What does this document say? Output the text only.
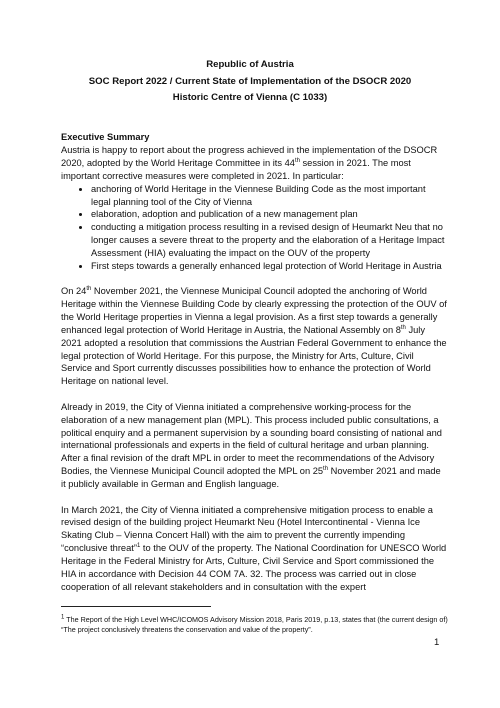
Republic of Austria
SOC Report 2022 / Current State of Implementation of the DSOCR 2020
Historic Centre of Vienna (C 1033)
Executive Summary

Austria is happy to report about the progress achieved in the implementation of the DSOCR 2020, adopted by the World Heritage Committee in its 44th session in 2021. The most important corrective measures were completed in 2021. In particular:

• anchoring of World Heritage in the Viennese Building Code as the most important legal planning tool of the City of Vienna
• elaboration, adoption and publication of a new management plan
• conducting a mitigation process resulting in a revised design of Heumarkt Neu that no longer causes a severe threat to the property and the elaboration of a Heritage Impact Assessment (HIA) evaluating the impact on the OUV of the property
• First steps towards a generally enhanced legal protection of World Heritage in Austria

On 24th November 2021, the Viennese Municipal Council adopted the anchoring of World Heritage within the Viennese Building Code by clearly expressing the protection of the OUV of the World Heritage properties in Vienna a legal provision. As a first step towards a generally enhanced legal protection of World Heritage in Austria, the National Assembly on 8th July 2021 adopted a resolution that commissions the Austrian Federal Government to enhance the legal protection of World Heritage. For this purpose, the Ministry for Arts, Culture, Civil Service and Sport currently discusses possibilities how to enhance the protection of World Heritage on national level.

Already in 2019, the City of Vienna initiated a comprehensive working-process for the elaboration of a new management plan (MPL). This process included public consultations, a political enquiry and a permanent supervision by a sounding board consisting of national and international professionals and experts in the field of cultural heritage and urban planning. After a final revision of the draft MPL in order to meet the recommendations of the Advisory Bodies, the Viennese Municipal Council adopted the MPL on 25th November 2021 and made it publicly available in German and English language.

In March 2021, the City of Vienna initiated a comprehensive mitigation process to enable a revised design of the building project Heumarkt Neu (Hotel Intercontinental - Vienna Ice Skating Club – Vienna Concert Hall) with the aim to prevent the currently impending “conclusive threat”$^1$ to the OUV of the property. The National Coordination for UNESCO World Heritage in the Federal Ministry for Arts, Culture, Civil Service and Sport commissioned the HIA in accordance with Decision 44 COM 7A. 32. The process was carried out in close cooperation of all relevant stakeholders and in consultation with the expert

$^1$ The Report of the High Level WHC/ICOMOS Advisory Mission 2018, Paris 2019, p.13, states that (the current design of) “The project conclusively threatens the conservation and value of the property”.
1
